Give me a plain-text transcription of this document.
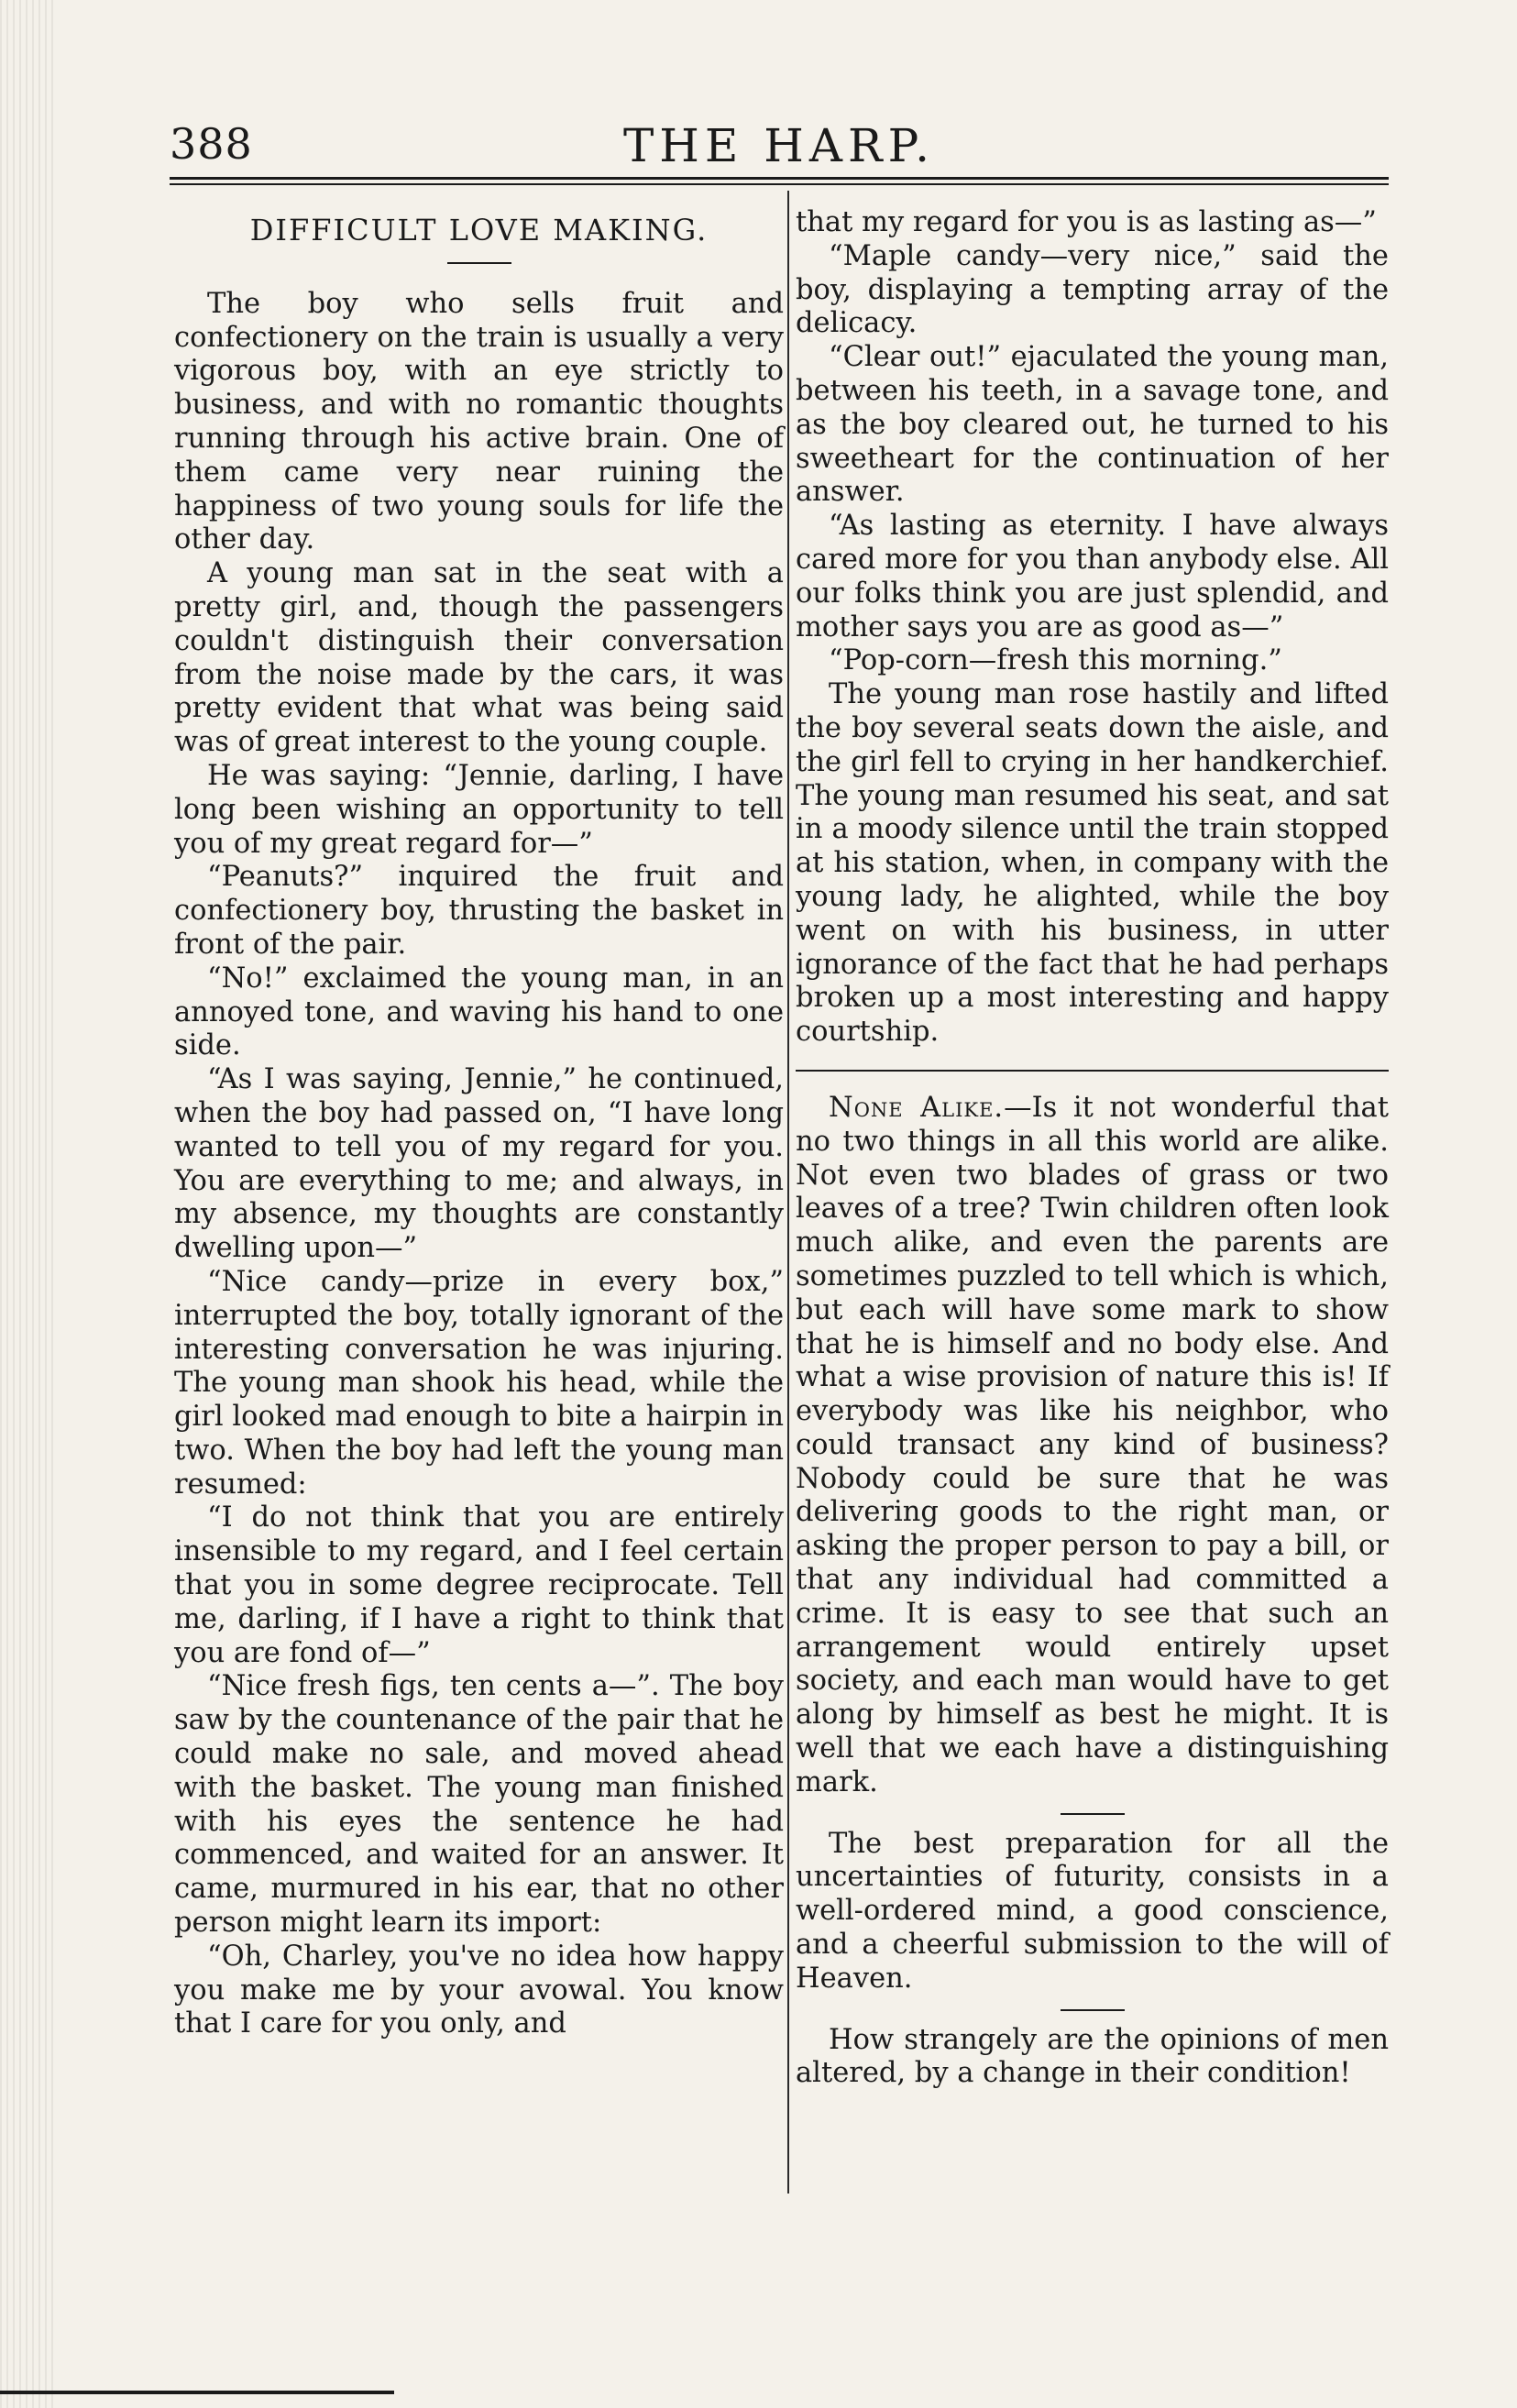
388	THE HARP.
DIFFICULT LOVE MAKING.

The boy who sells fruit and confectionery on the train is usually a very vigorous boy, with an eye strictly to business, and with no romantic thoughts running through his active brain. One of them came very near ruining the happiness of two young souls for life the other day.

A young man sat in the seat with a pretty girl, and, though the passengers couldn't distinguish their conversation from the noise made by the cars, it was pretty evident that what was being said was of great interest to the young couple.

He was saying: “Jennie, darling, I have long been wishing an opportunity to tell you of my great regard for—”

“Peanuts?” inquired the fruit and confectionery boy, thrusting the basket in front of the pair.

“No!” exclaimed the young man, in an annoyed tone, and waving his hand to one side.

“As I was saying, Jennie,” he continued, when the boy had passed on, “I have long wanted to tell you of my regard for you. You are everything to me; and always, in my absence, my thoughts are constantly dwelling upon—”

“Nice candy—prize in every box,” interrupted the boy, totally ignorant of the interesting conversation he was injuring. The young man shook his head, while the girl looked mad enough to bite a hairpin in two. When the boy had left the young man resumed:

“I do not think that you are entirely insensible to my regard, and I feel certain that you in some degree reciprocate. Tell me, darling, if I have a right to think that you are fond of—”

“Nice fresh figs, ten cents a—”. The boy saw by the countenance of the pair that he could make no sale, and moved ahead with the basket. The young man finished with his eyes the sentence he had commenced, and waited for an answer. It came, murmured in his ear, that no other person might learn its import:

“Oh, Charley, you've no idea how happy you make me by your avowal. You know that I care for you only, and

that my regard for you is as lasting as—”

“Maple candy—very nice,” said the boy, displaying a tempting array of the delicacy.

“Clear out!” ejaculated the young man, between his teeth, in a savage tone, and as the boy cleared out, he turned to his sweetheart for the continuation of her answer.

“As lasting as eternity. I have always cared more for you than anybody else. All our folks think you are just splendid, and mother says you are as good as—”

“Pop-corn—fresh this morning.”

The young man rose hastily and lifted the boy several seats down the aisle, and the girl fell to crying in her handkerchief. The young man resumed his seat, and sat in a moody silence until the train stopped at his station, when, in company with the young lady, he alighted, while the boy went on with his business, in utter ignorance of the fact that he had perhaps broken up a most interesting and happy courtship.

None Alike.—Is it not wonderful that no two things in all this world are alike. Not even two blades of grass or two leaves of a tree? Twin children often look much alike, and even the parents are sometimes puzzled to tell which is which, but each will have some mark to show that he is himself and no body else. And what a wise provision of nature this is! If everybody was like his neighbor, who could transact any kind of business? Nobody could be sure that he was delivering goods to the right man, or asking the proper person to pay a bill, or that any individual had committed a crime. It is easy to see that such an arrangement would entirely upset society, and each man would have to get along by himself as best he might. It is well that we each have a distinguishing mark.

The best preparation for all the uncertainties of futurity, consists in a well-ordered mind, a good conscience, and a cheerful submission to the will of Heaven.

How strangely are the opinions of men altered, by a change in their condition!
